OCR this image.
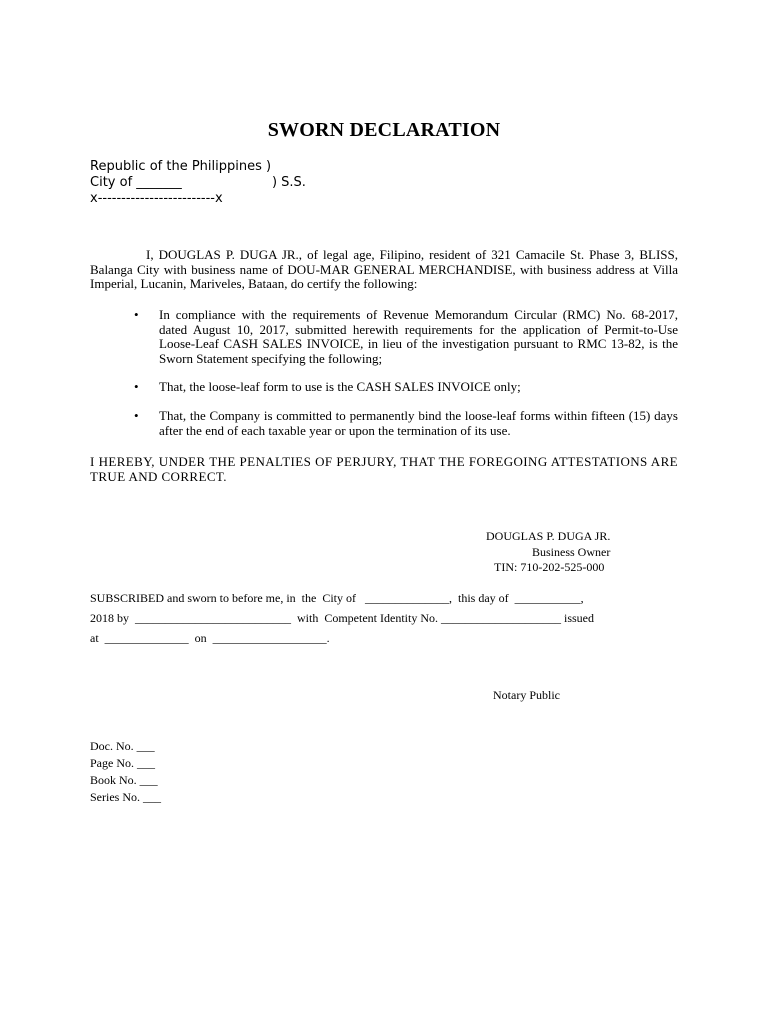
SWORN DECLARATION
Republic of the Philippines )
City of _______	) S.S.
x-------------------------x

I, DOUGLAS P. DUGA JR., of legal age, Filipino, resident of 321 Camacile St. Phase 3, BLISS, Balanga City with business name of DOU-MAR GENERAL MERCHANDISE, with business address at Villa Imperial, Lucanin, Mariveles, Bataan, do certify the following:

• In compliance with the requirements of Revenue Memorandum Circular (RMC) No. 68-2017, dated August 10, 2017, submitted herewith requirements for the application of Permit-to-Use Loose-Leaf CASH SALES INVOICE, in lieu of the investigation pursuant to RMC 13-82, is the Sworn Statement specifying the following;

• That, the loose-leaf form to use is the CASH SALES INVOICE only;

• That, the Company is committed to permanently bind the loose-leaf forms within fifteen (15) days after the end of each taxable year or upon the termination of its use.

I HEREBY, UNDER THE PENALTIES OF PERJURY, THAT THE FOREGOING ATTESTATIONS ARE TRUE AND CORRECT.

DOUGLAS P. DUGA JR.
Business Owner
TIN: 710-202-525-000
SUBSCRIBED and sworn to before me, in  the  City of   ______________,  this day of  ___________,
2018 by  __________________________  with  Competent Identity No. ____________________ issued
at  ______________  on  ___________________.
Notary Public
Doc. No. ___
Page No. ___
Book No. ___
Series No. ___
